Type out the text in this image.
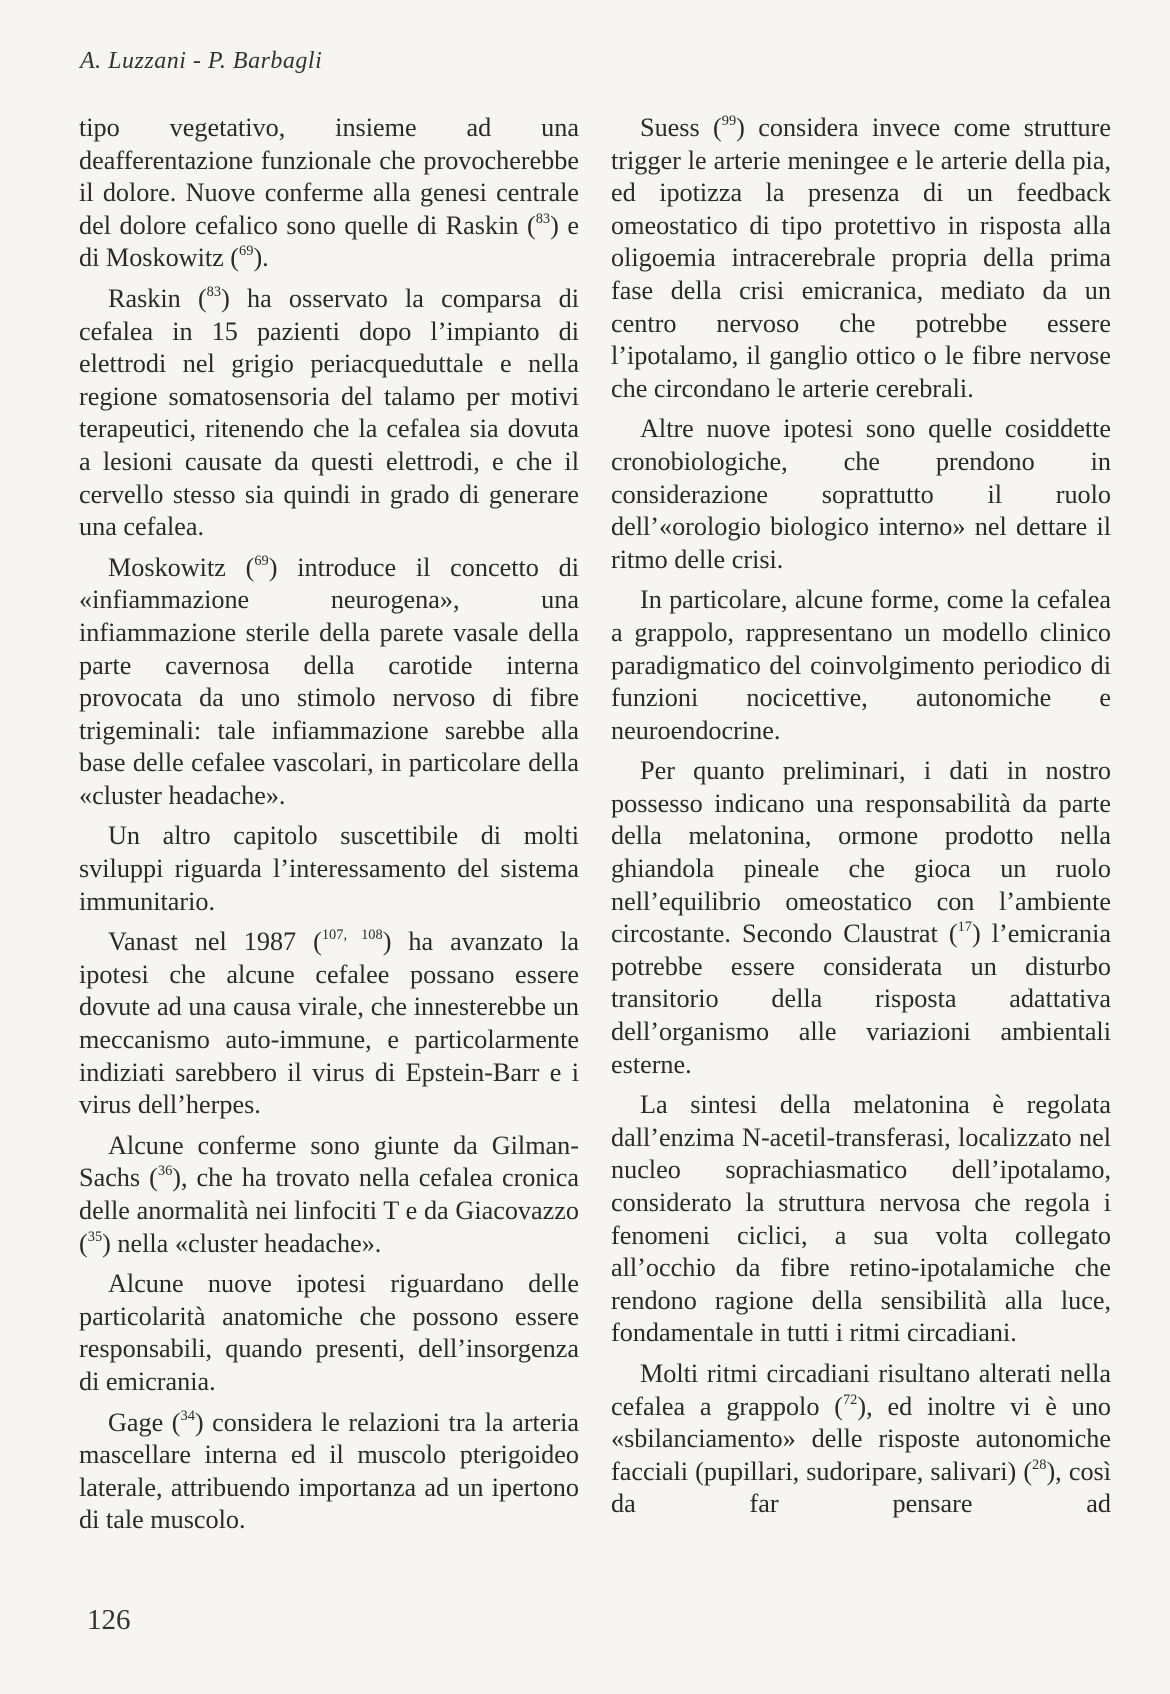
A. Luzzani - P. Barbagli

tipo vegetativo, insieme ad una deafferentazione funzionale che provocherebbe il dolore. Nuove conferme alla genesi centrale del dolore cefalico sono quelle di Raskin ($^{83}$) e di Moskowitz ($^{69}$).

Raskin ($^{83}$) ha osservato la comparsa di cefalea in 15 pazienti dopo l’impianto di elettrodi nel grigio periacqueduttale e nella regione somatosensoria del talamo per motivi terapeutici, ritenendo che la cefalea sia dovuta a lesioni causate da questi elettrodi, e che il cervello stesso sia quindi in grado di generare una cefalea.

Moskowitz ($^{69}$) introduce il concetto di «infiammazione neurogena», una infiammazione sterile della parete vasale della parte cavernosa della carotide interna provocata da uno stimolo nervoso di fibre trigeminali: tale infiammazione sarebbe alla base delle cefalee vascolari, in particolare della «cluster headache».

Un altro capitolo suscettibile di molti sviluppi riguarda l’interessamento del sistema immunitario.

Vanast nel 1987 ($^{107, 108}$) ha avanzato la ipotesi che alcune cefalee possano essere dovute ad una causa virale, che innesterebbe un meccanismo auto-immune, e particolarmente indiziati sarebbero il virus di Epstein-Barr e i virus dell’herpes.

Alcune conferme sono giunte da Gilman-Sachs ($^{36}$), che ha trovato nella cefalea cronica delle anormalità nei linfociti T e da Giacovazzo ($^{35}$) nella «cluster headache».

Alcune nuove ipotesi riguardano delle particolarità anatomiche che possono essere responsabili, quando presenti, dell’insorgenza di emicrania.

Gage ($^{34}$) considera le relazioni tra la arteria mascellare interna ed il muscolo pterigoideo laterale, attribuendo importanza ad un ipertono di tale muscolo.

Suess ($^{99}$) considera invece come strutture trigger le arterie meningee e le arterie della pia, ed ipotizza la presenza di un feedback omeostatico di tipo protettivo in risposta alla oligoemia intracerebrale propria della prima fase della crisi emicranica, mediato da un centro nervoso che potrebbe essere l’ipotalamo, il ganglio ottico o le fibre nervose che circondano le arterie cerebrali.

Altre nuove ipotesi sono quelle cosiddette cronobiologiche, che prendono in considerazione soprattutto il ruolo dell’«orologio biologico interno» nel dettare il ritmo delle crisi.

In particolare, alcune forme, come la cefalea a grappolo, rappresentano un modello clinico paradigmatico del coinvolgimento periodico di funzioni nocicettive, autonomiche e neuroendocrine.

Per quanto preliminari, i dati in nostro possesso indicano una responsabilità da parte della melatonina, ormone prodotto nella ghiandola pineale che gioca un ruolo nell’equilibrio omeostatico con l’ambiente circostante. Secondo Claustrat ($^{17}$) l’emicrania potrebbe essere considerata un disturbo transitorio della risposta adattativa dell’organismo alle variazioni ambientali esterne.

La sintesi della melatonina è regolata dall’enzima N-acetil-transferasi, localizzato nel nucleo soprachiasmatico dell’ipotalamo, considerato la struttura nervosa che regola i fenomeni ciclici, a sua volta collegato all’occhio da fibre retino-ipotalamiche che rendono ragione della sensibilità alla luce, fondamentale in tutti i ritmi circadiani.

Molti ritmi circadiani risultano alterati nella cefalea a grappolo ($^{72}$), ed inoltre vi è uno «sbilanciamento» delle risposte autonomiche facciali (pupillari, sudoripare, salivari) ($^{28}$), così da far pensare ad

126
